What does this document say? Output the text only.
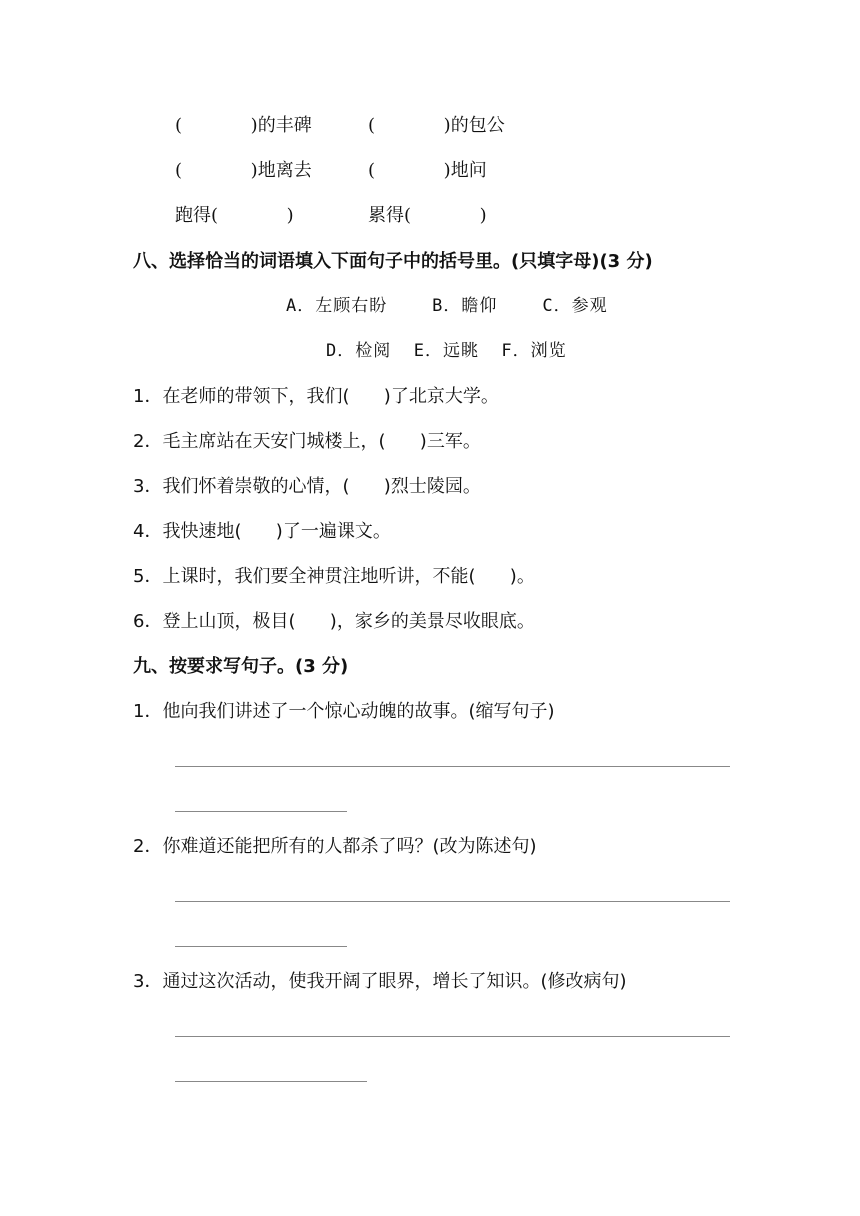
(            )的丰碑	(            )的包公
(            )地离去	(            )地问
跑得(            )	累得(            )
八、选择恰当的词语填入下面句子中的括号里。(只填字母)(3 分)
A．左顾右盼    B．瞻仰    C．参观
D．检阅  E．远眺  F．浏览
1．在老师的带领下，我们(      )了北京大学。
2．毛主席站在天安门城楼上，(      )三军。
3．我们怀着崇敬的心情，(      )烈士陵园。
4．我快速地(      )了一遍课文。
5．上课时，我们要全神贯注地听讲，不能(      )。
6．登上山顶，极目(      )，家乡的美景尽收眼底。
九、按要求写句子。(3 分)
1．他向我们讲述了一个惊心动魄的故事。(缩写句子)
2．你难道还能把所有的人都杀了吗？(改为陈述句)
3．通过这次活动，使我开阔了眼界，增长了知识。(修改病句)
